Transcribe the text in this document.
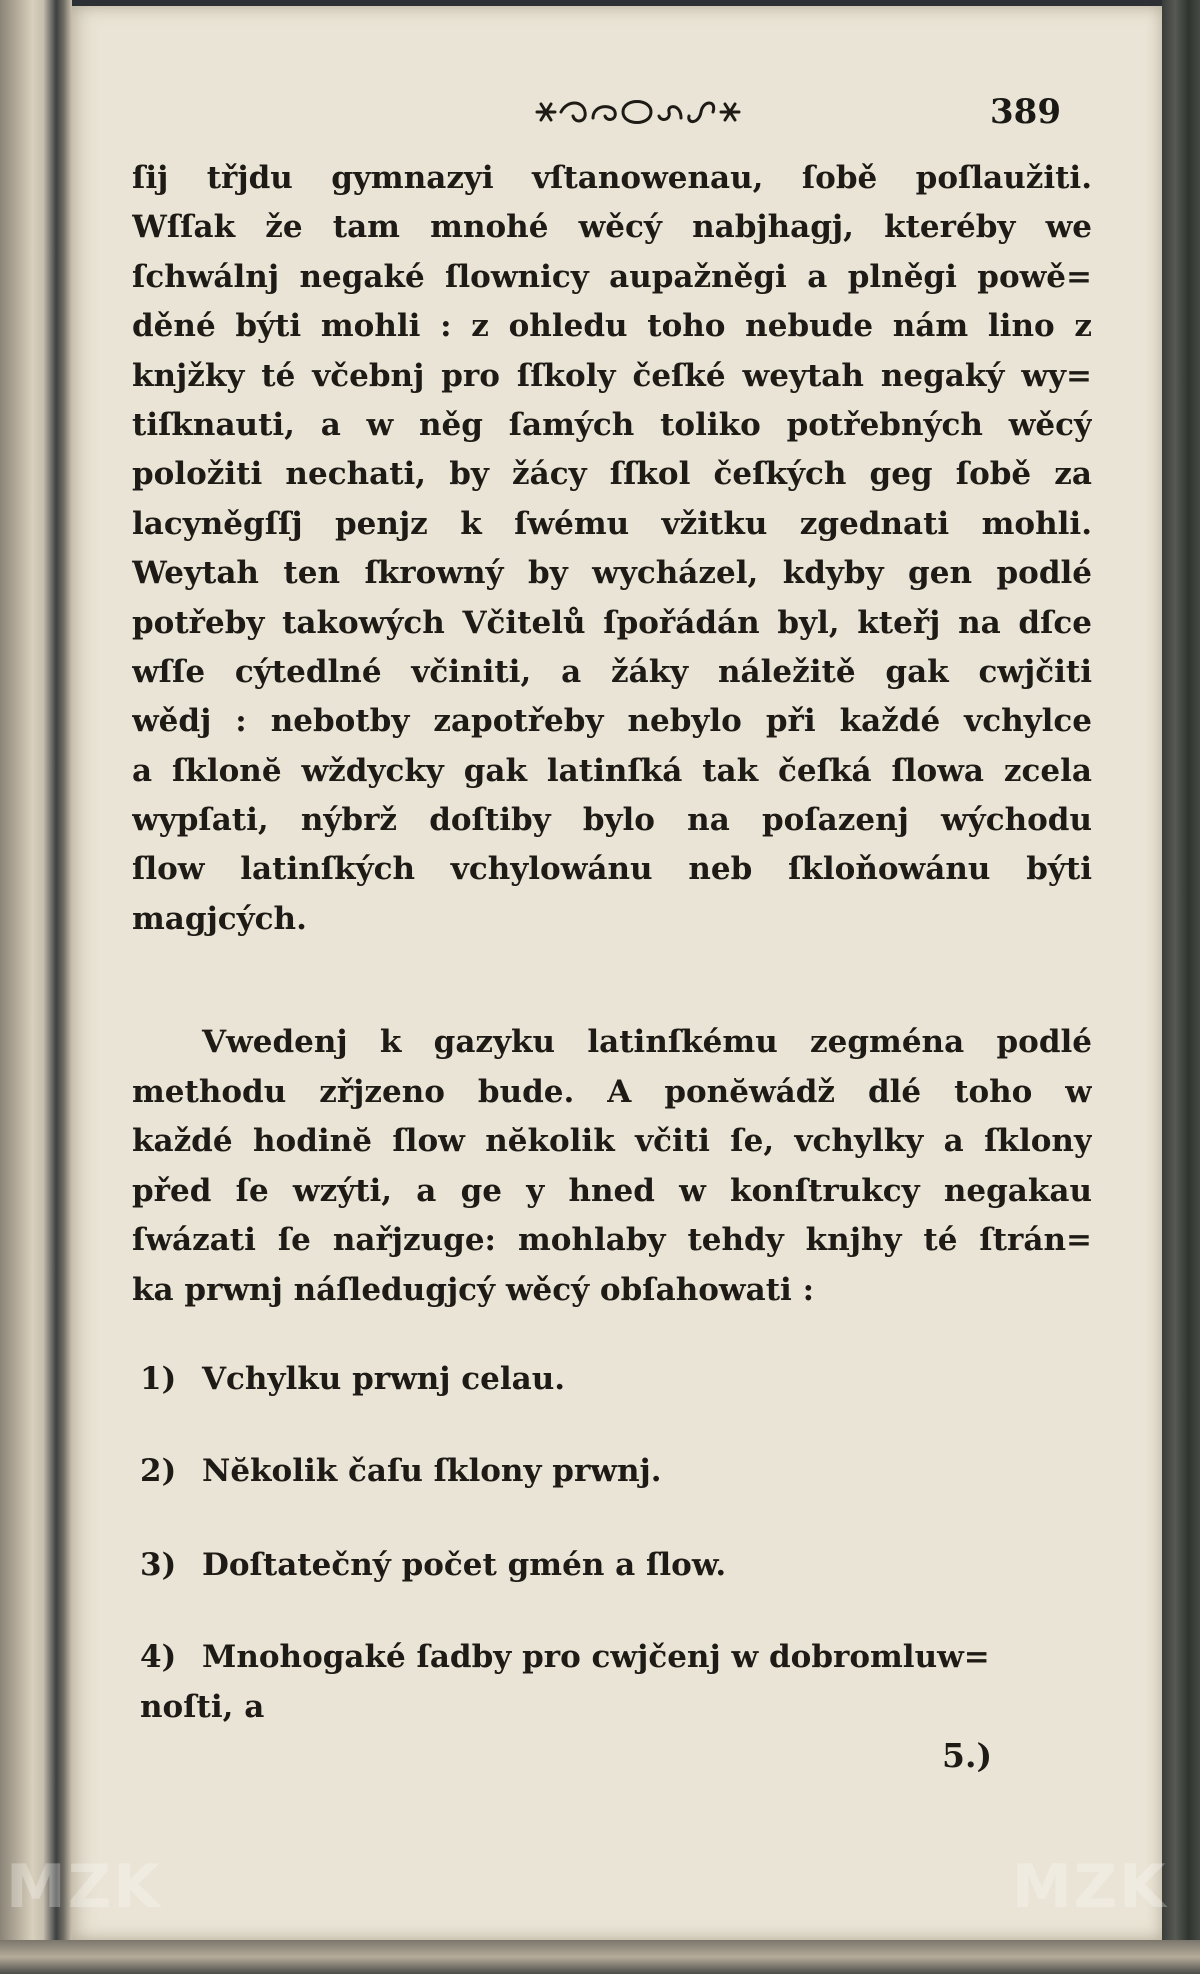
389
ſij třjdu gymnazyi vſtanowenau, ſobě poſlaužiti.
Wſſak že tam mnohé wěcý nabjhagj, kteréby we
ſchwálnj negaké ſlownicy aupažněgi a plněgi powě=
děné býti mohli : z ohledu toho nebude nám lino z
knjžky té včebnj pro ſſkoly čeſké weytah negaký wy=
tiſknauti, a w něg ſamých toliko potřebných wěcý
položiti nechati, by žácy ſſkol čeſkých geg ſobě za
lacyněgſſj penjz k ſwému vžitku zgednati mohli.
Weytah ten ſkrowný by wycházel, kdyby gen podlé
potřeby takowých Včitelů ſpořádán byl, kteřj na dſce
wſſe cýtedlné včiniti, a žáky náležitě gak cwjčiti
wědj : nebotby zapotřeby nebylo při každé vchylce
a ſklonĕ wždycky gak latinſká tak čeſká ſlowa zcela
wypſati, nýbrž doſtiby bylo na poſazenj wýchodu
ſlow latinſkých vchylowánu neb ſkloňowánu býti
magjcých.
Vwedenj k gazyku latinſkému zegména podlé
methodu zřjzeno bude. A ponĕwádž dlé toho w
každé hodinĕ ſlow nĕkolik včiti ſe, vchylky a ſklony
před ſe wzýti, a ge y hned w konſtrukcy negakau
ſwázati ſe nařjzuge: mohlaby tehdy knjhy té ſtrán=
ka prwnj náſledugjcý wěcý obſahowati :
1) Vchylku prwnj celau.
2) Nĕkolik čaſu ſklony prwnj.
3) Doſtatečný počet gmén a ſlow.
4) Mnohogaké ſadby pro cwjčenj w dobromluw=
noſti, a
5.)
MZK	MZK
